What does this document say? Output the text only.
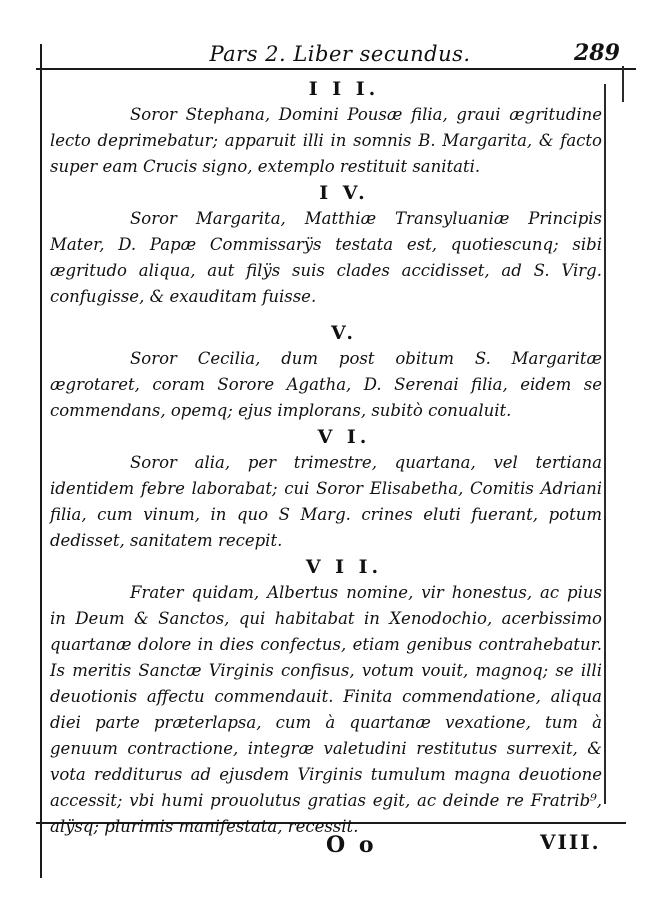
Pars 2. Liber secundus.	289
I I I.

Soror Stephana, Domini Pousæ filia, graui ægritudine lecto deprimebatur; apparuit illi in somnis B. Margarita, & facto super eam Crucis signo, extemplo restituit sanitati.

I V.

Soror Margarita, Matthiæ Transyluaniæ Principis Mater, D. Papæ Commissarÿs testata est, quotiescunq; sibi ægritudo aliqua, aut filÿs suis clades accidisset, ad S. Virg. confugisse, & exauditam fuisse.

V.

Soror Cecilia, dum post obitum S. Margaritæ ægrotaret, coram Sorore Agatha, D. Serenai filia, eidem se commendans, opemq; ejus implorans, subitò conualuit.

V I.

Soror alia, per trimestre, quartana, vel tertiana identidem febre laborabat; cui Soror Elisabetha, Comitis Adriani filia, cum vinum, in quo S Marg. crines eluti fuerant, potum dedisset, sanitatem recepit.

V I I.

Frater quidam, Albertus nomine, vir honestus, ac pius in Deum & Sanctos, qui habitabat in Xenodochio, acerbissimo quartanæ dolore in dies confectus, etiam genibus contrahebatur. Is meritis Sanctæ Virginis confisus, votum vouit, magnoq; se illi deuotionis affectu commendauit. Finita commendatione, aliqua diei parte præterlapsa, cum à quartanæ vexatione, tum à genuum contractione, integræ valetudini restitutus surrexit, & vota redditurus ad ejusdem Virginis tumulum magna deuotione accessit; vbi humi prouolutus gratias egit, ac deinde re Fratrib⁹, alÿsq; plurimis manifestata, recessit.

O o	VIII.
